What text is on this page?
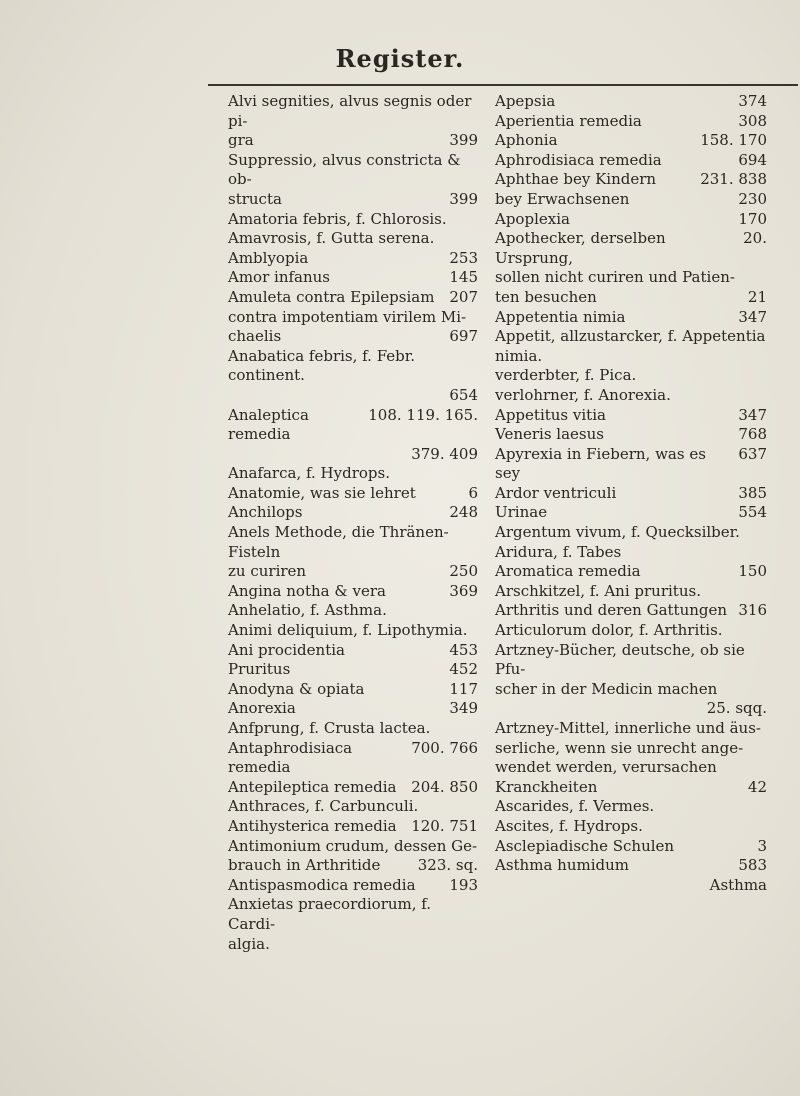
Register.
Alvi segnities, alvus segnis oder pi-
gra	399
Suppressio, alvus constricta & ob-
structa	399
Amatoria febris, f. Chlorosis.
Amavrosis, f. Gutta serena.
Amblyopia	253
Amor infanus	145
Amuleta contra Epilepsiam 207
contra impotentiam virilem Mi-
chaelis	697
Anabatica febris, f. Febr. continent.
654
Analeptica remedia
108. 119. 165.
379. 409
Anafarca, f. Hydrops.
Anatomie, was sie lehret	6
Anchilops	248
Anels Methode, die Thränen-Fisteln
zu curiren	250
Angina notha & vera	369
Anhelatio, f. Asthma.
Animi deliquium, f. Lipothymia.
Ani procidentia	453
Pruritus	452
Anodyna & opiata	117
Anorexia	349
Anfprung, f. Crusta lactea.
Antaphrodisiaca remedia
700. 766
Antepileptica remedia 204. 850
Anthraces, f. Carbunculi.
Antihysterica remedia 120. 751
Antimonium crudum, dessen Ge-
brauch in Arthritide	323. sq.
Antispasmodica remedia	193
Anxietas praecordiorum, f. Cardi-
algia.
Apepsia	374
Aperientia remedia	308
Aphonia	158. 170
Aphrodisiaca remedia	694
Aphthae bey Kindern	231. 838
bey Erwachsenen	230
Apoplexia	170
Apothecker, derselben Ursprung,
20.
sollen nicht curiren und Patien-
ten besuchen	21
Appetentia nimia	347
Appetit, allzustarcker, f. Appetentia
nimia.
verderbter, f. Pica.
verlohrner, f. Anorexia.
Appetitus vitia	347
Veneris laesus	768
Apyrexia in Fiebern, was es sey
637
Ardor ventriculi	385
Urinae	554
Argentum vivum, f. Quecksilber.
Aridura, f. Tabes
Aromatica remedia	150
Arschkitzel, f. Ani pruritus.
Arthritis und deren Gattungen 316
Articulorum dolor, f. Arthritis.
Artzney-Bücher, deutsche, ob sie Pfu-
scher in der Medicin machen
25. sqq.
Artzney-Mittel, innerliche und äus-
serliche, wenn sie unrecht ange-
wendet werden, verursachen
Kranckheiten	42
Ascarides, f. Vermes.
Ascites, f. Hydrops.
Asclepiadische Schulen	3
Asthma humidum	583
Asthma
